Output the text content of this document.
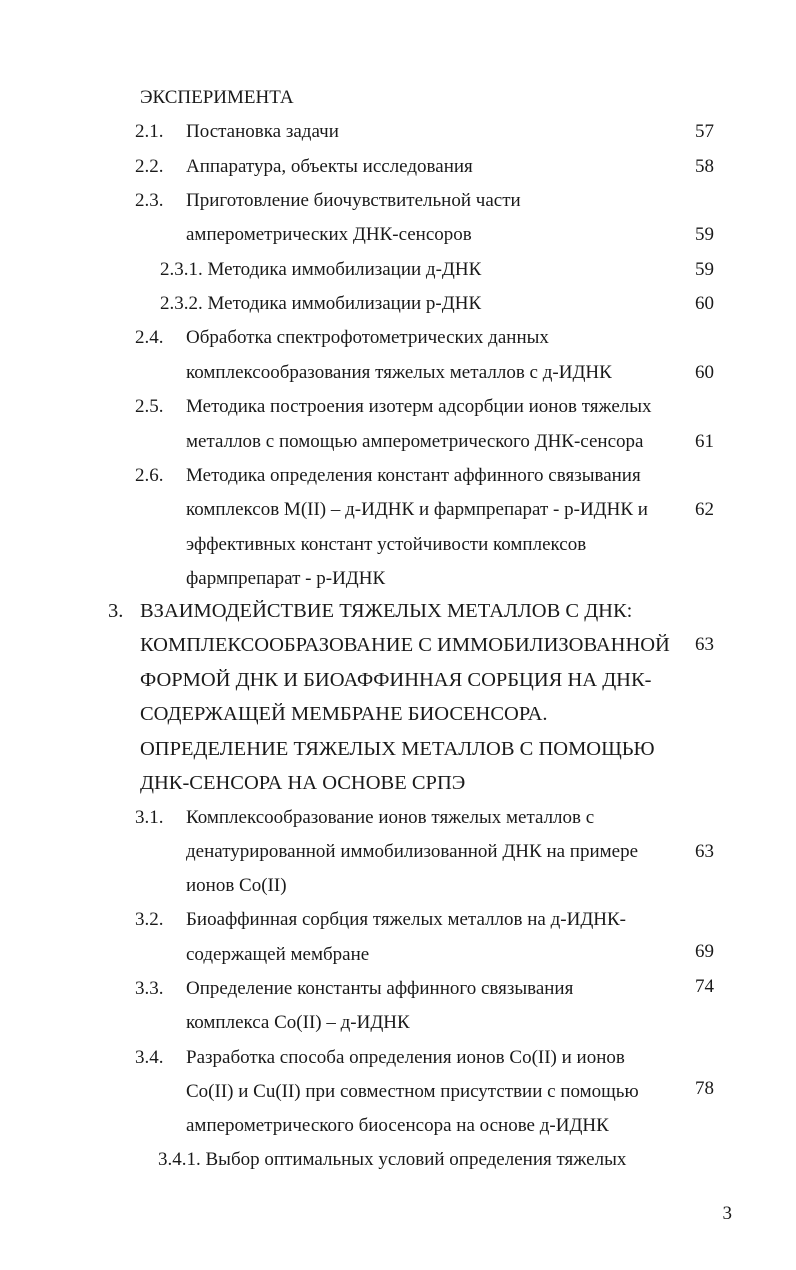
ЭКСПЕРИМЕНТА
2.1. Постановка задачи	57
2.2. Аппаратура, объекты исследования	58
2.3. Приготовление биочувствительной части
амперометрических ДНК-сенсоров	59
2.3.1. Методика иммобилизации д-ДНК	59
2.3.2. Методика иммобилизации р-ДНК	60
2.4. Обработка спектрофотометрических данных
комплексообразования тяжелых металлов с д-ИДНК	60
2.5. Методика построения изотерм адсорбции ионов тяжелых
металлов с помощью амперометрического ДНК-сенсора	61
2.6. Методика определения констант аффинного связывания
комплексов М(II) – д-ИДНК и фармпрепарат - р-ИДНК и	62
эффективных констант устойчивости комплексов
фармпрепарат - р-ИДНК
3. ВЗАИМОДЕЙСТВИЕ ТЯЖЕЛЫХ МЕТАЛЛОВ С ДНК:
КОМПЛЕКСООБРАЗОВАНИЕ С ИММОБИЛИЗОВАННОЙ	63
ФОРМОЙ ДНК И БИОАФФИННАЯ СОРБЦИЯ НА ДНК-
СОДЕРЖАЩЕЙ МЕМБРАНЕ БИОСЕНСОРА.
ОПРЕДЕЛЕНИЕ ТЯЖЕЛЫХ МЕТАЛЛОВ С ПОМОЩЬЮ
ДНК-СЕНСОРА НА ОСНОВЕ СРПЭ
3.1. Комплексообразование ионов тяжелых металлов с
денатурированной иммобилизованной ДНК на примере	63
ионов Co(II)
3.2. Биоаффинная сорбция тяжелых металлов на д-ИДНК-
содержащей мембране	69
3.3. Определение константы аффинного связывания	74
комплекса Co(II) – д-ИДНК
3.4. Разработка способа определения ионов Co(II) и ионов
Co(II) и Cu(II) при совместном присутствии с помощью	78
амперометрического биосенсора на основе д-ИДНК
3.4.1. Выбор оптимальных условий определения тяжелых
3
